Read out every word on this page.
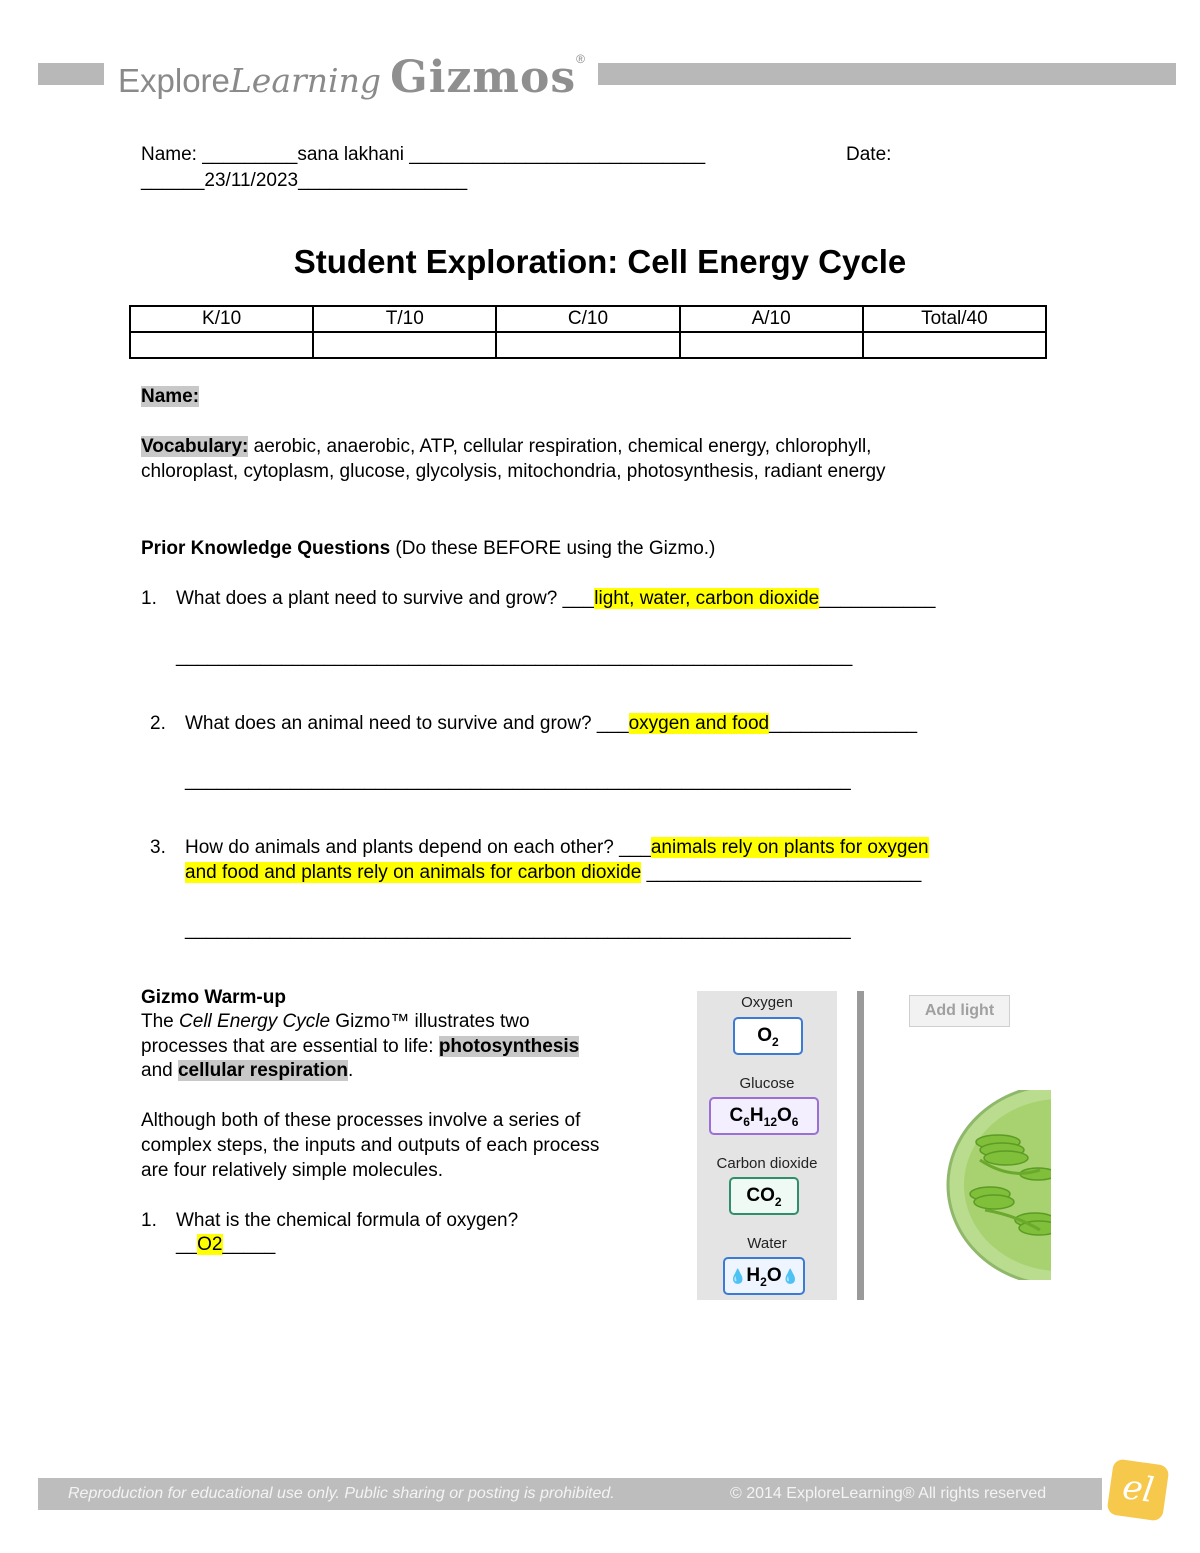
ExploreLearning Gizmos®
Name: _________sana lakhani ____________________________	Date:
______23/11/2023________________
Student Exploration: Cell Energy Cycle
K/10	T/10	C/10	A/10	Total/40

Name:
Vocabulary: aerobic, anaerobic, ATP, cellular respiration, chemical energy, chlorophyll,
chloroplast, cytoplasm, glucose, glycolysis, mitochondria, photosynthesis, radiant energy
Prior Knowledge Questions (Do these BEFORE using the Gizmo.)
1. What does a plant need to survive and grow? ___light, water, carbon dioxide___________
________________________________________________________________
2. What does an animal need to survive and grow? ___oxygen and food______________
_______________________________________________________________
3. How do animals and plants depend on each other? ___animals rely on plants for oxygen
and food and plants rely on animals for carbon dioxide __________________________
_______________________________________________________________
Gizmo Warm-up
The Cell Energy Cycle Gizmo™ illustrates two
processes that are essential to life: photosynthesis
and cellular respiration.
Although both of these processes involve a series of
complex steps, the inputs and outputs of each process
are four relatively simple molecules.
1. What is the chemical formula of oxygen?
__O2_____
Oxygen
$O_2$
Glucose
$C_6H_{12}O_6$
Carbon dioxide
$CO_2$
Water
$💧H_2O💧$
Add light
Reproduction for educational use only. Public sharing or posting is prohibited.	© 2014 ExploreLearning® All rights reserved	el
